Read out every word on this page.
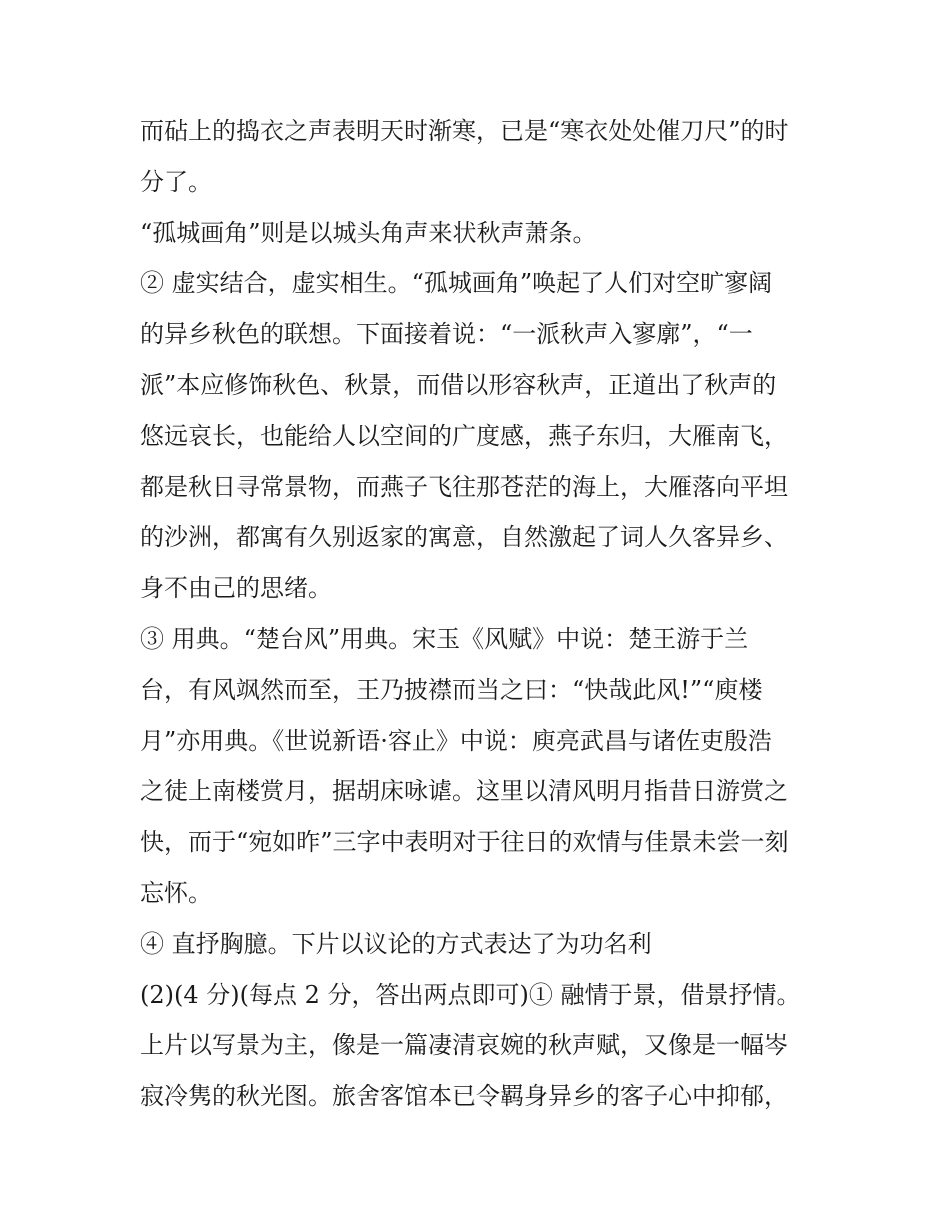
而砧上的捣衣之声表明天时渐寒，已是“寒衣处处催刀尺”的时
分了。
“孤城画角”则是以城头角声来状秋声萧条。
② 虚实结合，虚实相生。“孤城画角”唤起了人们对空旷寥阔
的异乡秋色的联想。下面接着说：“一派秋声入寥廓”，“一
派”本应修饰秋色、秋景，而借以形容秋声，正道出了秋声的
悠远哀长，也能给人以空间的广度感，燕子东归，大雁南飞，
都是秋日寻常景物，而燕子飞往那苍茫的海上，大雁落向平坦
的沙洲，都寓有久别返家的寓意，自然激起了词人久客异乡、
身不由己的思绪。
③ 用典。“楚台风”用典。宋玉《风赋》中说：楚王游于兰
台，有风飒然而至，王乃披襟而当之曰：“快哉此风!”“庾楼
月”亦用典。《世说新语·容止》中说：庾亮武昌与诸佐吏殷浩
之徒上南楼赏月，据胡床咏谑。这里以清风明月指昔日游赏之
快，而于“宛如昨”三字中表明对于往日的欢情与佳景未尝一刻
忘怀。
④ 直抒胸臆。下片以议论的方式表达了为功名利
(2)(4 分)(每点 2 分，答出两点即可)① 融情于景，借景抒情。
上片以写景为主，像是一篇凄清哀婉的秋声赋，又像是一幅岑
寂冷隽的秋光图。旅舍客馆本已令羁身异乡的客子心中抑郁，
